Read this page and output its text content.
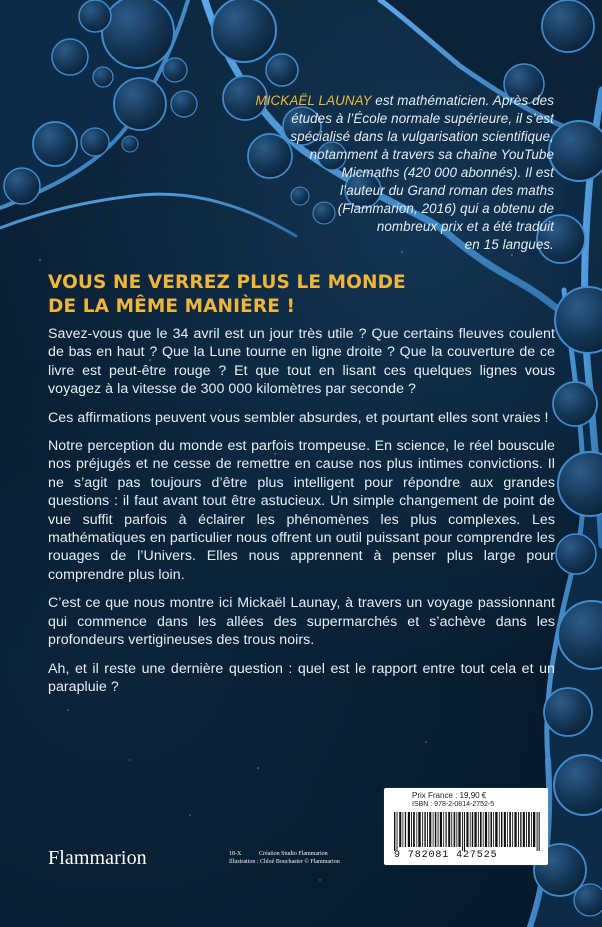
MICKAËL LAUNAY est mathématicien. Après des
études à l’École normale supérieure, il s’est
spécialisé dans la vulgarisation scientifique,
notamment à travers sa chaîne YouTube
Micmaths (420 000 abonnés). Il est
l’auteur du Grand roman des maths
(Flammarion, 2016) qui a obtenu de
nombreux prix et a été traduit
en 15 langues.
VOUS NE VERREZ PLUS LE MONDE
DE LA MÊME MANIÈRE !

Savez-vous que le 34 avril est un jour très utile ? Que certains fleuves coulent de bas en haut ? Que la Lune tourne en ligne droite ? Que la couverture de ce livre est peut-être rouge ? Et que tout en lisant ces quelques lignes vous voyagez à la vitesse de 300 000 kilomètres par seconde ?

Ces affirmations peuvent vous sembler absurdes, et pourtant elles sont vraies !

Notre perception du monde est parfois trompeuse. En science, le réel bouscule nos préjugés et ne cesse de remettre en cause nos plus intimes convictions. Il ne s’agit pas toujours d’être plus intelligent pour répondre aux grandes questions : il faut avant tout être astucieux. Un simple changement de point de vue suffit parfois à éclairer les phénomènes les plus complexes. Les mathématiques en particulier nous offrent un outil puissant pour comprendre les rouages de l’Univers. Elles nous apprennent à penser plus large pour comprendre plus loin.

C’est ce que nous montre ici Mickaël Launay, à travers un voyage passionnant qui commence dans les allées des supermarchés et s’achève dans les profondeurs vertigineuses des trous noirs.

Ah, et il reste une dernière question : quel est le rapport entre tout cela et un parapluie ?

Flammarion	18-X	Création Studio Flammarion
Illustration : Chloé Bouchaster © Flammarion
Prix France : 19,90 €
ISBN : 978-2-0814-2752-5
9 782081 427525
